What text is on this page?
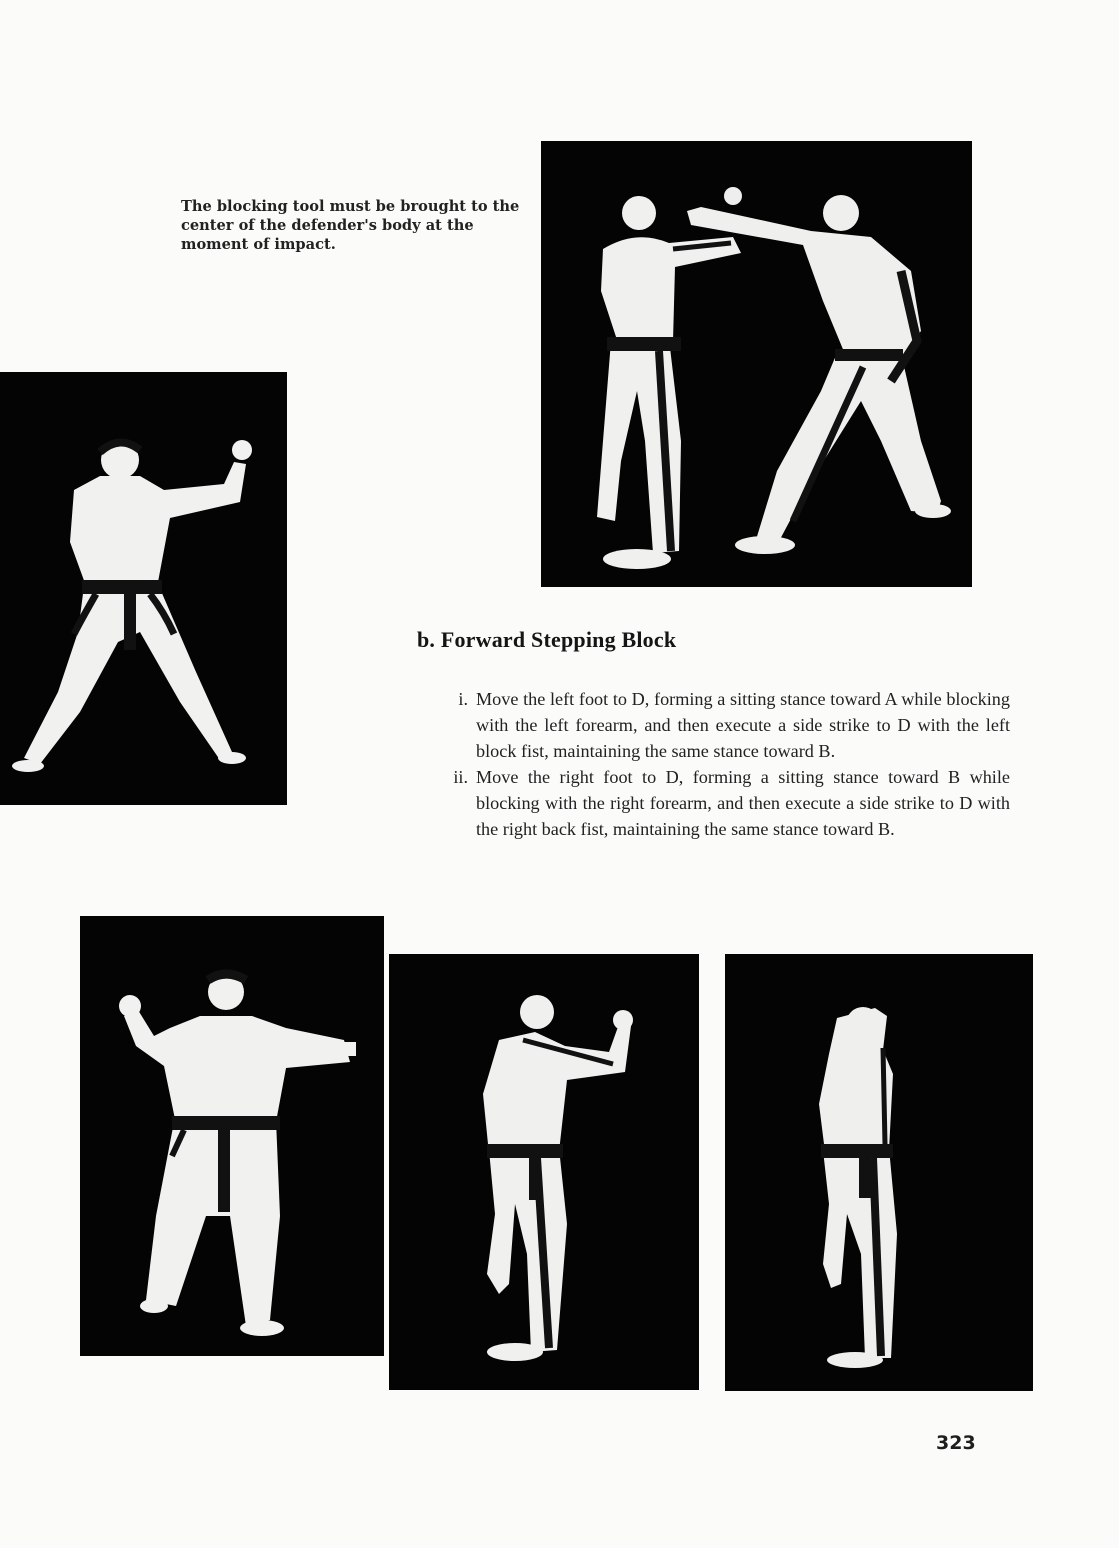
The blocking tool must be brought to the center of the defender's body at the moment of impact.
b. Forward Stepping Block
i. Move the left foot to D, forming a sitting stance toward A while blocking with the left forearm, and then execute a side strike to D with the left block fist, maintaining the same stance toward B.
ii. Move the right foot to D, forming a sitting stance toward B while blocking with the right forearm, and then execute a side strike to D with the right back fist, maintaining the same stance toward B.
323
